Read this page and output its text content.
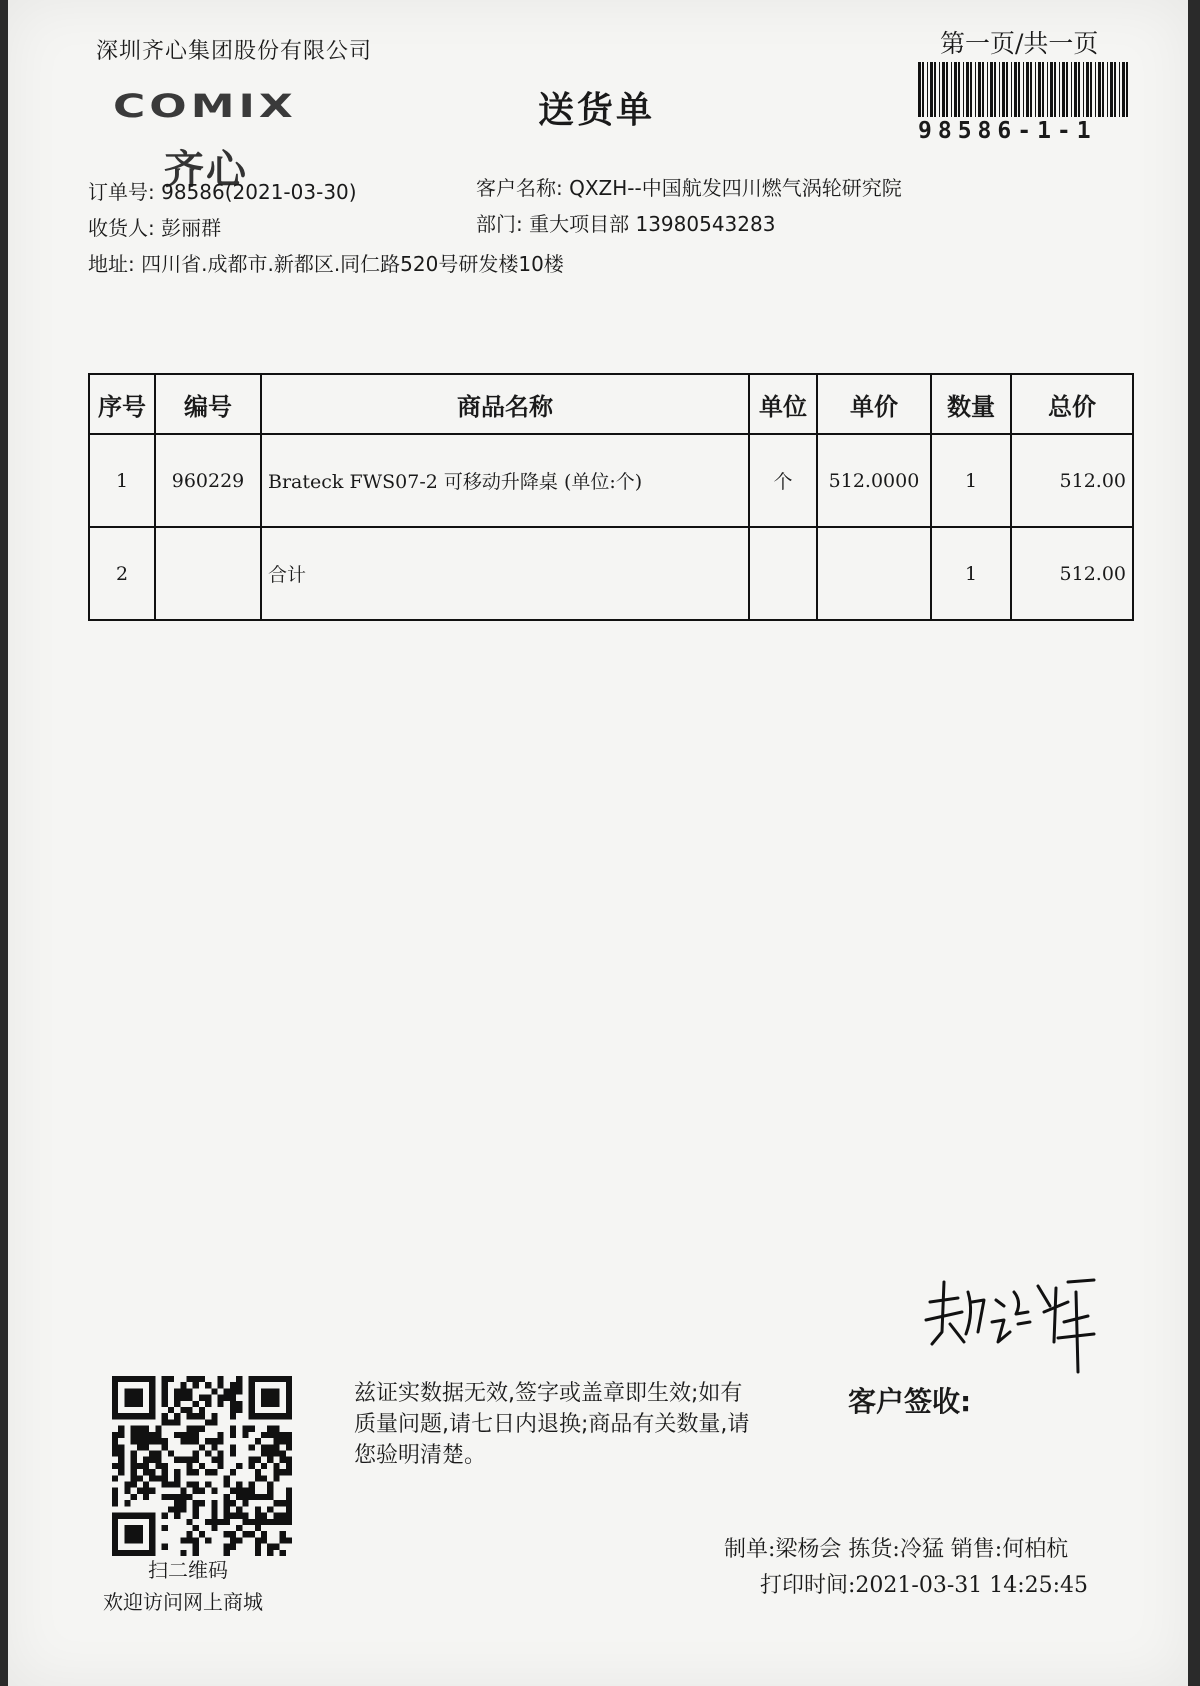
深圳齐心集团股份有限公司
COMIX
齐心
送货单
第一页/共一页
98586-1-1
订单号: 98586(2021-03-30)
收货人: 彭丽群
地址: 四川省.成都市.新都区.同仁路520号研发楼10楼
客户名称: QXZH--中国航发四川燃气涡轮研究院
部门: 重大项目部 13980543283
序号	编号	商品名称	单位	单价	数量	总价
1	960229	Brateck FWS07-2 可移动升降桌 (单位:个)	个	512.0000	1	512.00
2		合计			1	512.00
扫二维码
欢迎访问网上商城
兹证实数据无效,签字或盖章即生效;如有质量问题,请七日内退换;商品有关数量,请您验明清楚。
客户签收:
制单:梁杨会 拣货:冷猛 销售:何柏杭
打印时间:2021-03-31 14:25:45
